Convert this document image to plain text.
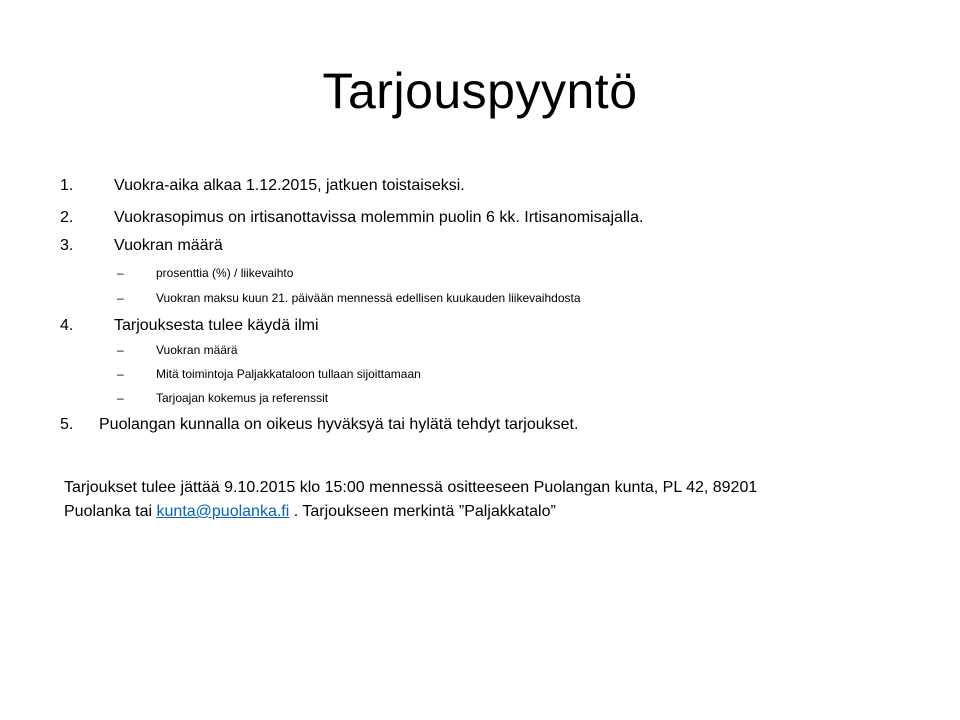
Tarjouspyyntö
1.	Vuokra-aika alkaa 1.12.2015, jatkuen toistaiseksi.
2.	Vuokrasopimus on irtisanottavissa molemmin puolin 6 kk. Irtisanomisajalla.
3.	Vuokran määrä
–	prosenttia (%) / liikevaihto
–	Vuokran maksu kuun 21. päivään mennessä edellisen kuukauden liikevaihdosta
4.	Tarjouksesta tulee käydä ilmi
–	Vuokran määrä
–	Mitä toimintoja Paljakkataloon tullaan sijoittamaan
–	Tarjoajan kokemus ja referenssit
5. Puolangan kunnalla on oikeus hyväksyä tai hylätä tehdyt tarjoukset.
Tarjoukset tulee jättää 9.10.2015 klo 15:00 mennessä ositteeseen Puolangan kunta, PL 42, 89201
Puolanka tai kunta@puolanka.fi . Tarjoukseen merkintä ”Paljakkatalo”
